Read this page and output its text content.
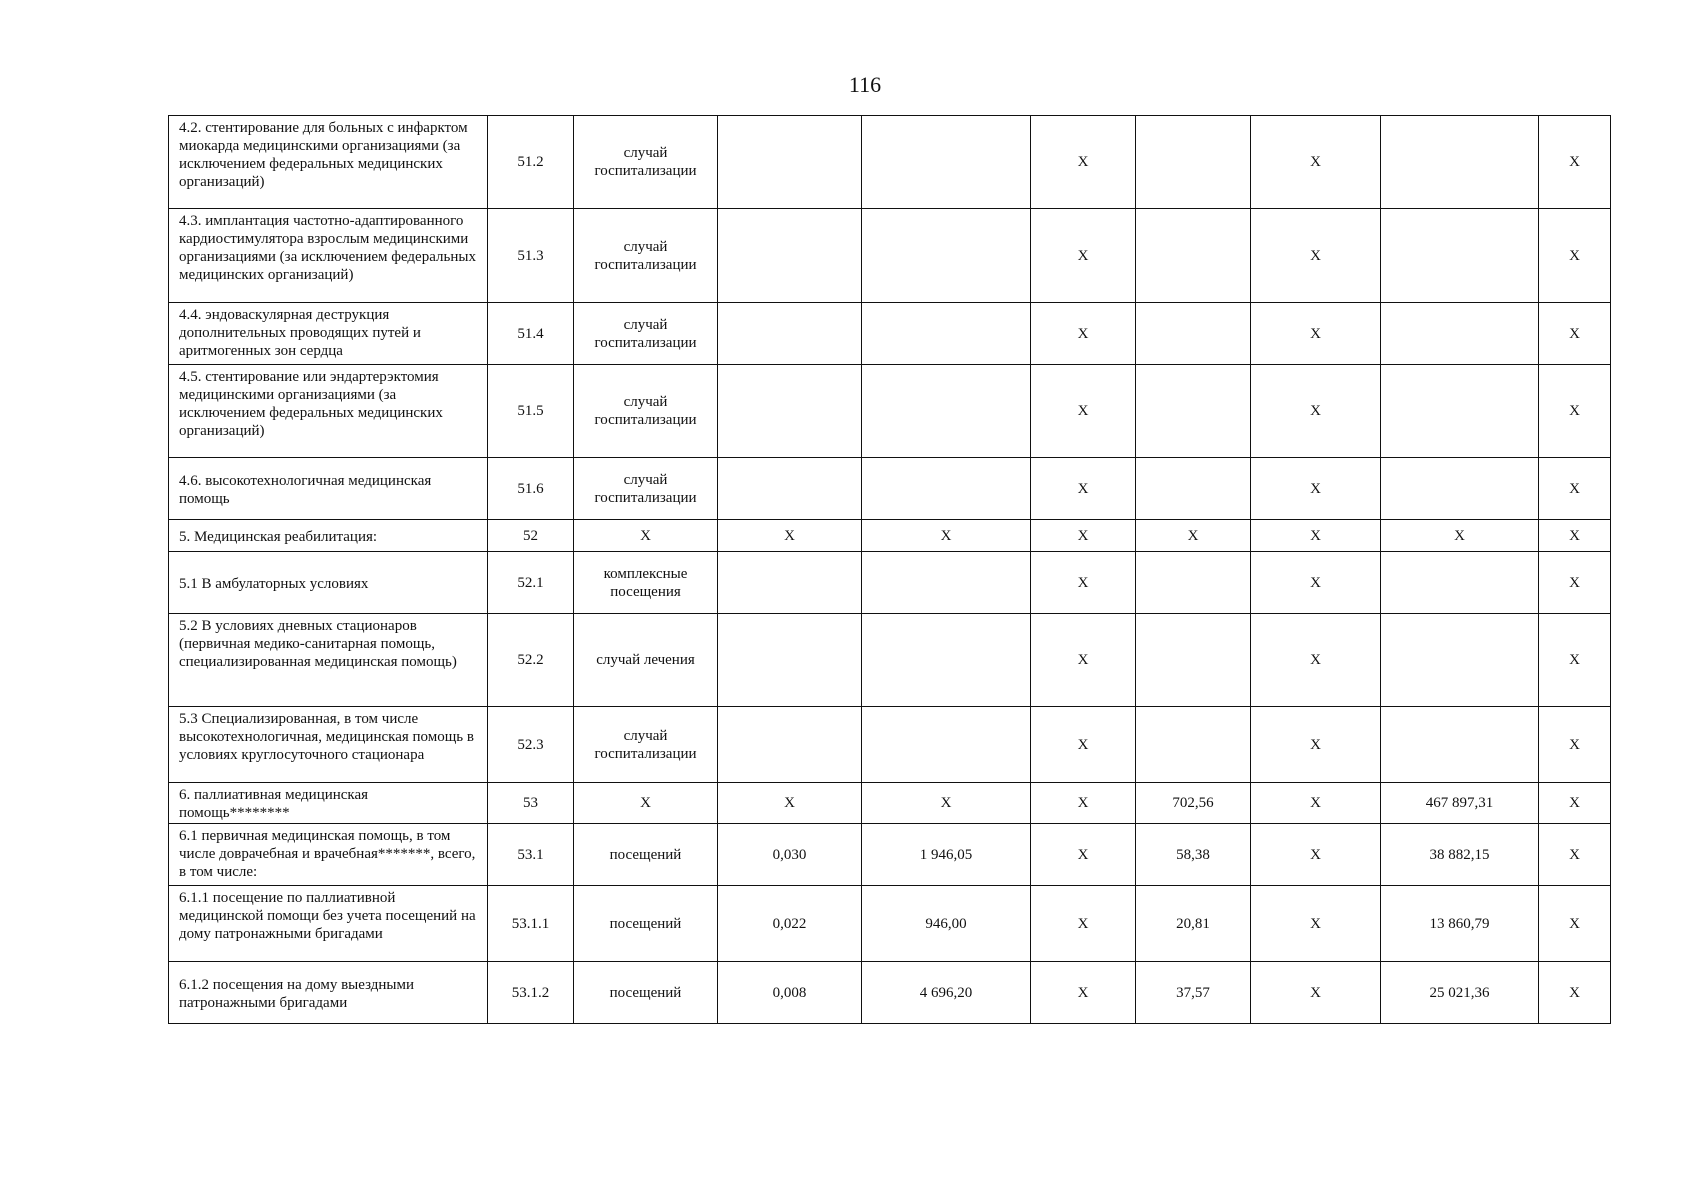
116
4.2. стентирование для больных с инфарктом миокарда медицинскими организациями (за исключением федеральных медицинских организаций)	51.2	случай госпитализации			X		X		X
4.3. имплантация частотно-адаптированного кардиостимулятора взрослым медицинскими организациями (за исключением федеральных медицинских организаций)	51.3	случай госпитализации			X		X		X
4.4. эндоваскулярная деструкция дополнительных проводящих путей и аритмогенных зон сердца	51.4	случай госпитализации			X		X		X
4.5. стентирование или эндартерэктомия медицинскими организациями (за исключением федеральных медицинских организаций)	51.5	случай госпитализации			X		X		X
4.6. высокотехнологичная медицинская помощь	51.6	случай госпитализации			X		X		X
5. Медицинская реабилитация:	52	X	X	X	X	X	X	X	X
5.1 В амбулаторных условиях	52.1	комплексные посещения			X		X		X
5.2 В условиях дневных стационаров (первичная медико-санитарная помощь, специализированная медицинская помощь)	52.2	случай лечения			X		X		X
5.3 Специализированная, в том числе высокотехнологичная, медицинская помощь в условиях круглосуточного стационара	52.3	случай госпитализации			X		X		X
6. паллиативная медицинская помощь********	53	X	X	X	X	702,56	X	467 897,31	X
6.1 первичная медицинская помощь, в том числе доврачебная и врачебная*******, всего, в том числе:	53.1	посещений	0,030	1 946,05	X	58,38	X	38 882,15	X
6.1.1 посещение по паллиативной медицинской помощи без учета посещений на дому патронажными бригадами	53.1.1	посещений	0,022	946,00	X	20,81	X	13 860,79	X
6.1.2 посещения на дому выездными патронажными бригадами	53.1.2	посещений	0,008	4 696,20	X	37,57	X	25 021,36	X
